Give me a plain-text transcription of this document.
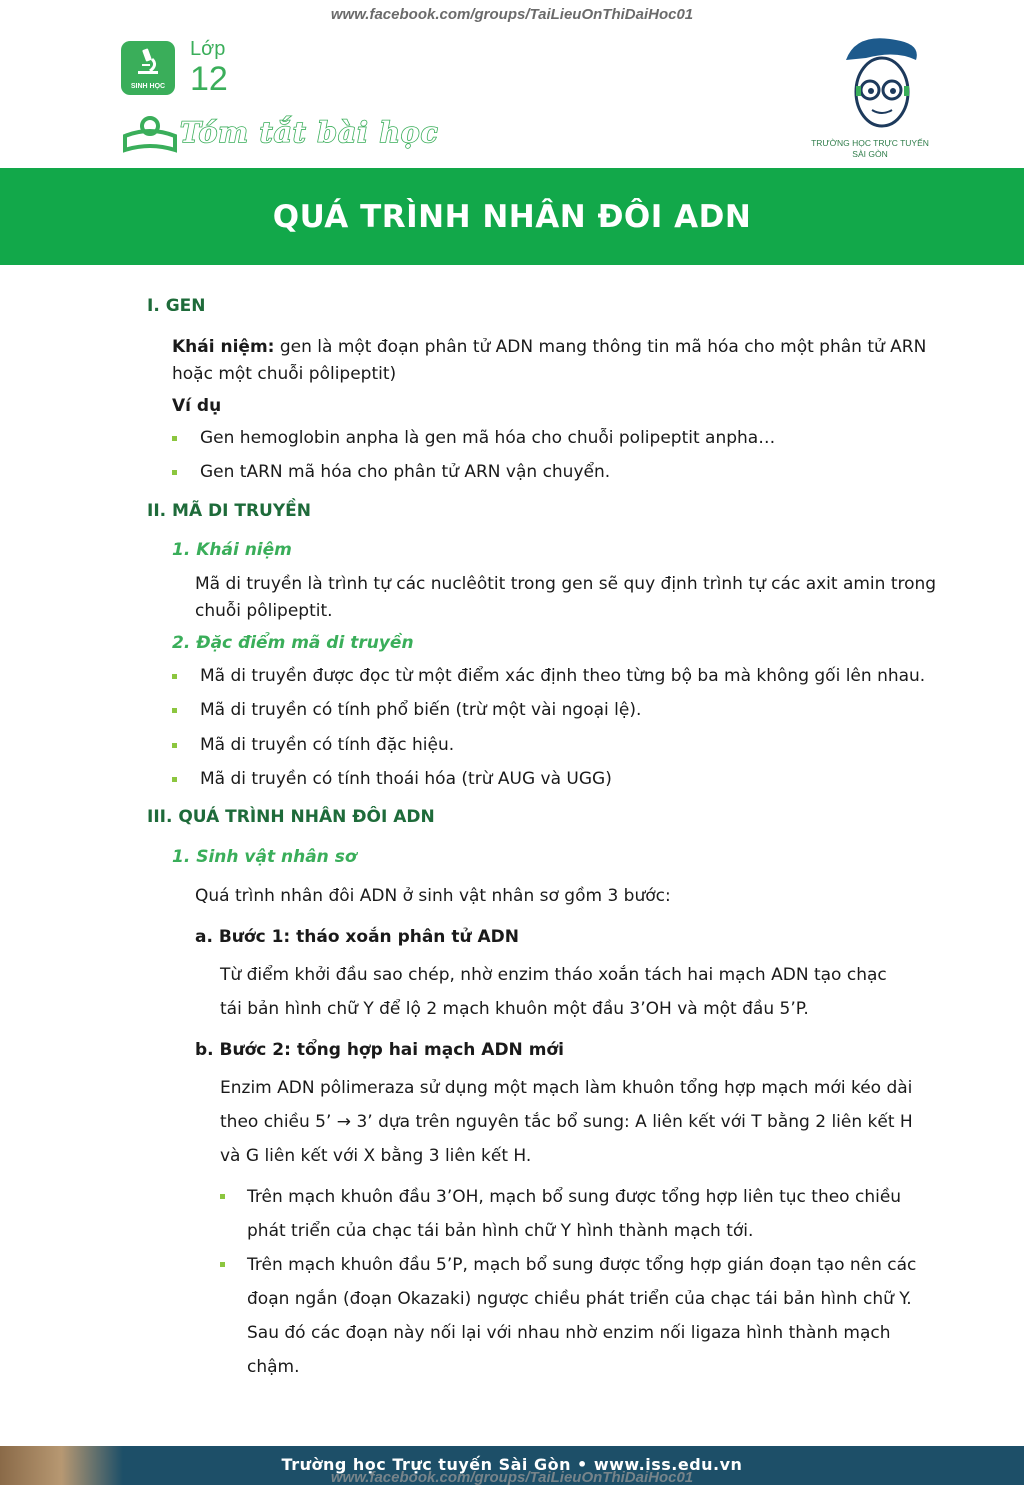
www.facebook.com/groups/TaiLieuOnThiDaiHoc01
SINH HỌC
Lớp
12
Tóm tắt bài học	TRƯỜNG HỌC TRỰC TUYẾN
SÀI GÒN
QUÁ TRÌNH NHÂN ĐÔI ADN
I. GEN
Khái niệm: gen là một đoạn phân tử ADN mang thông tin mã hóa cho một phân tử ARN
hoặc một chuỗi pôlipeptit)
Ví dụ
Gen hemoglobin anpha là gen mã hóa cho chuỗi polipeptit anpha…
Gen tARN mã hóa cho phân tử ARN vận chuyển.
II. MÃ DI TRUYỀN
1. Khái niệm
Mã di truyền là trình tự các nuclêôtit trong gen sẽ quy định trình tự các axit amin trong
chuỗi pôlipeptit.
2. Đặc điểm mã di truyền
Mã di truyền được đọc từ một điểm xác định theo từng bộ ba mà không gối lên nhau.
Mã di truyền có tính phổ biến (trừ một vài ngoại lệ).
Mã di truyền có tính đặc hiệu.
Mã di truyền có tính thoái hóa (trừ AUG và UGG)
III. QUÁ TRÌNH NHÂN ĐÔI ADN
1. Sinh vật nhân sơ
Quá trình nhân đôi ADN ở sinh vật nhân sơ gồm 3 bước:
a. Bước 1: tháo xoắn phân tử ADN
Từ điểm khởi đầu sao chép, nhờ enzim tháo xoắn tách hai mạch ADN tạo chạc
tái bản hình chữ Y để lộ 2 mạch khuôn một đầu 3’OH và một đầu 5’P.
b. Bước 2: tổng hợp hai mạch ADN mới
Enzim ADN pôlimeraza sử dụng một mạch làm khuôn tổng hợp mạch mới kéo dài
theo chiều 5’ → 3’ dựa trên nguyên tắc bổ sung: A liên kết với T bằng 2 liên kết H
và G liên kết với X bằng 3 liên kết H.
Trên mạch khuôn đầu 3’OH, mạch bổ sung được tổng hợp liên tục theo chiều
phát triển của chạc tái bản hình chữ Y hình thành mạch tới.
Trên mạch khuôn đầu 5’P, mạch bổ sung được tổng hợp gián đoạn tạo nên các
đoạn ngắn (đoạn Okazaki) ngược chiều phát triển của chạc tái bản hình chữ Y.
Sau đó các đoạn này nối lại với nhau nhờ enzim nối ligaza hình thành mạch
chậm.
Trường học Trực tuyến Sài Gòn • www.iss.edu.vn
www.facebook.com/groups/TaiLieuOnThiDaiHoc01
